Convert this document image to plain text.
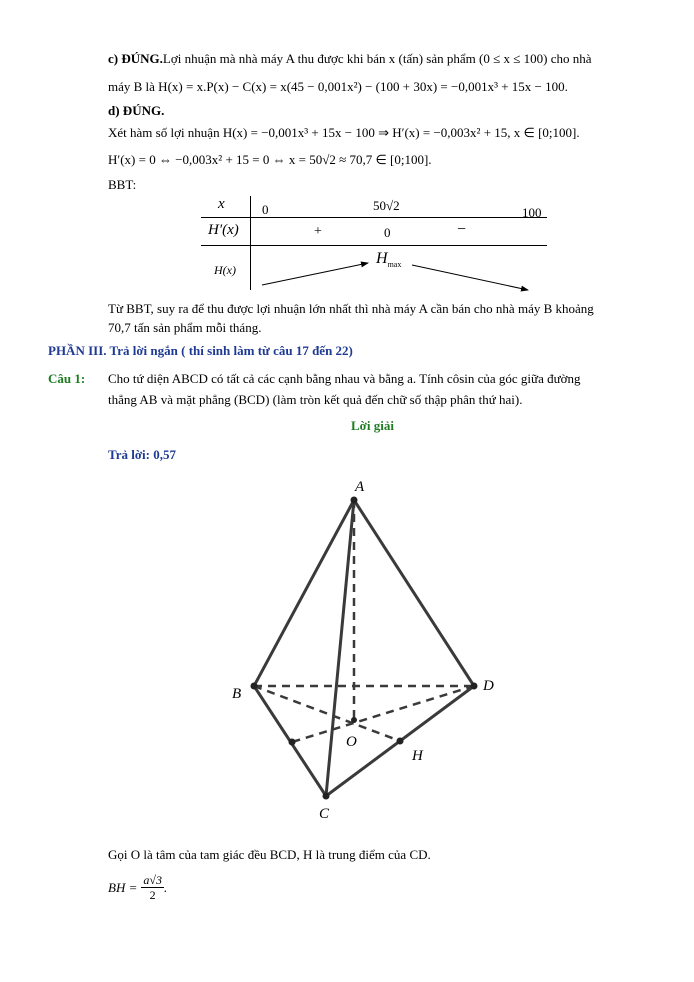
c) ĐÚNG.Lợi nhuận mà nhà máy A thu được khi bán x (tấn) sản phẩm (0 ≤ x ≤ 100) cho nhà
máy B là H(x) = x.P(x) − C(x) = x(45 − 0,001x²) − (100 + 30x) = −0,001x³ + 15x − 100.
d) ĐÚNG.
Xét hàm số lợi nhuận H(x) = −0,001x³ + 15x − 100 ⇒ H′(x) = −0,003x² + 15, x ∈ [0;100].
H′(x) = 0 ⇔ −0,003x² + 15 = 0 ⇔ x = 50√2 ≈ 70,7 ∈ [0;100].
BBT:
x	0	50√2	100
H′(x)	+	0	−
H(x)
$H_{max}$
Từ BBT, suy ra để thu được lợi nhuận lớn nhất thì nhà máy A cần bán cho nhà máy B khoảng
70,7 tấn sản phẩm mỗi tháng.
PHẦN III. Trả lời ngắn ( thí sinh làm từ câu 17 đến 22)
Câu 1: Cho tứ diện ABCD có tất cả các cạnh bằng nhau và bằng a. Tính côsin của góc giữa đường
thẳng AB và mặt phẳng (BCD) (làm tròn kết quả đến chữ số thập phân thứ hai).
Lời giải
Trả lời: 0,57
A
B	D
C
O
H
Gọi O là tâm của tam giác đều BCD, H là trung điểm của CD.
BH = $\frac{a√3}{2}$ .
